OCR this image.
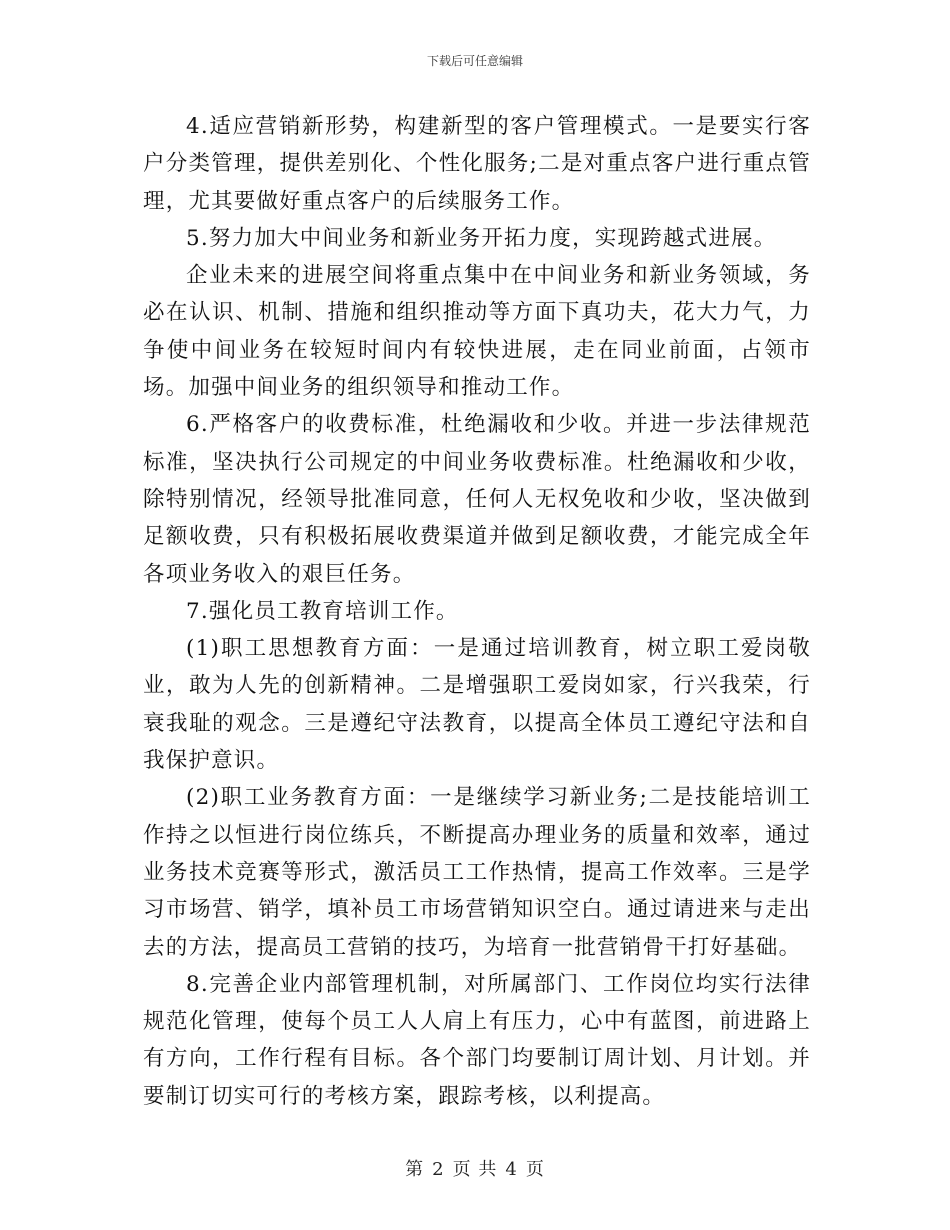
下载后可任意编辑

4.适应营销新形势，构建新型的客户管理模式。一是要实行客户分类管理，提供差别化、个性化服务;二是对重点客户进行重点管理，尤其要做好重点客户的后续服务工作。

5.努力加大中间业务和新业务开拓力度，实现跨越式进展。

企业未来的进展空间将重点集中在中间业务和新业务领域，务必在认识、机制、措施和组织推动等方面下真功夫，花大力气，力争使中间业务在较短时间内有较快进展，走在同业前面，占领市场。加强中间业务的组织领导和推动工作。

6.严格客户的收费标准，杜绝漏收和少收。并进一步法律规范标准，坚决执行公司规定的中间业务收费标准。杜绝漏收和少收，除特别情况，经领导批准同意，任何人无权免收和少收，坚决做到足额收费，只有积极拓展收费渠道并做到足额收费，才能完成全年各项业务收入的艰巨任务。

7.强化员工教育培训工作。

(1)职工思想教育方面：一是通过培训教育，树立职工爱岗敬业，敢为人先的创新精神。二是增强职工爱岗如家，行兴我荣，行衰我耻的观念。三是遵纪守法教育，以提高全体员工遵纪守法和自我保护意识。

(2)职工业务教育方面：一是继续学习新业务;二是技能培训工作持之以恒进行岗位练兵，不断提高办理业务的质量和效率，通过业务技术竞赛等形式，激活员工工作热情，提高工作效率。三是学习市场营、销学，填补员工市场营销知识空白。通过请进来与走出去的方法，提高员工营销的技巧，为培育一批营销骨干打好基础。

8.完善企业内部管理机制，对所属部门、工作岗位均实行法律规范化管理，使每个员工人人肩上有压力，心中有蓝图，前进路上有方向，工作行程有目标。各个部门均要制订周计划、月计划。并要制订切实可行的考核方案，跟踪考核，以利提高。

第 2 页 共 4 页
